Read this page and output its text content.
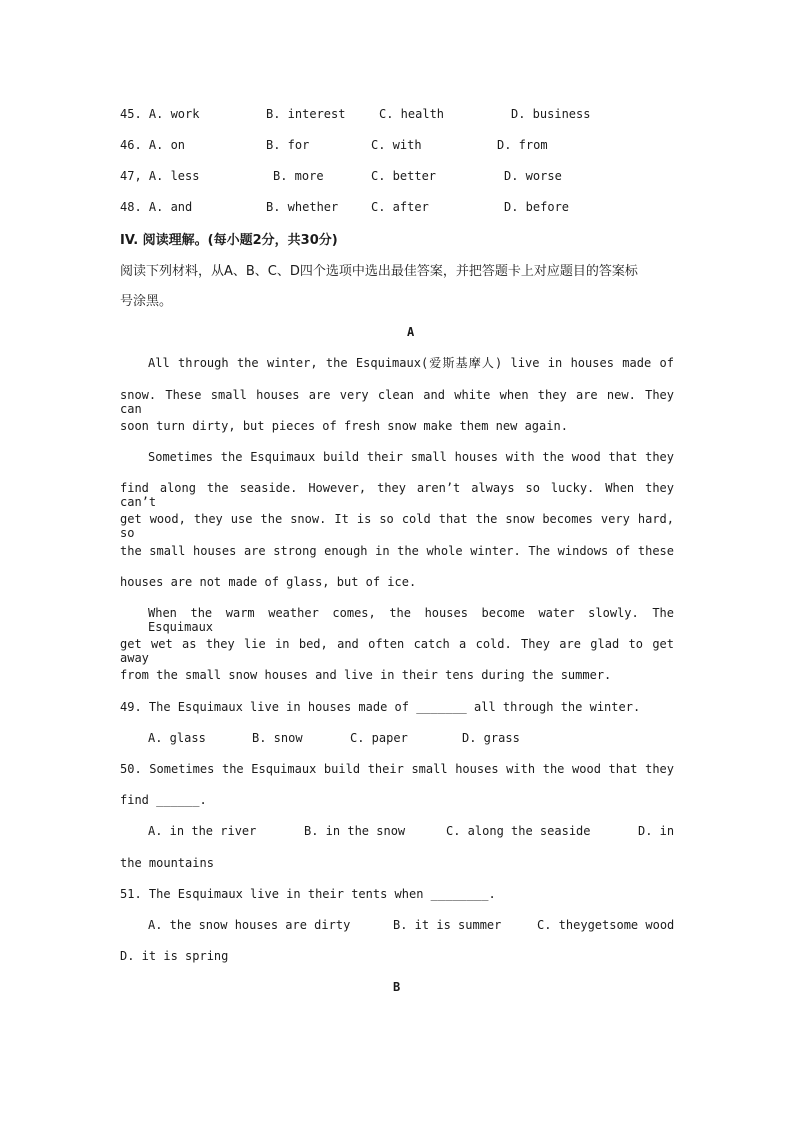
45. A. work	B. interest	C. health	D. business
46. A. on	B. for	C. with	D. from
47, A. less	B. more	C. better	D. worse
48. A. and	B. whether	C. after	D. before
IV. 阅读理解。(每小题2分，共30分)
阅读下列材料，从A、B、C、D四个选项中选出最佳答案，并把答题卡上对应题目的答案标
号涂黑。
A
All through the winter, the Esquimaux(爱斯基摩人) live in houses made of
snow. These small houses are very clean and white when they are new. They can
soon turn dirty, but pieces of fresh snow make them new again.
Sometimes the Esquimaux build their small houses with the wood that they
find along the seaside. However, they aren’t always so lucky. When they can’t
get wood, they use the snow. It is so cold that the snow becomes very hard, so
the small houses are strong enough in the whole winter. The windows of these
houses are not made of glass, but of ice.
When the warm weather comes, the houses become water slowly. The Esquimaux
get wet as they lie in bed, and often catch a cold. They are glad to get away
from the small snow houses and live in their tens during the summer.
49. The Esquimaux live in houses made of _______ all through the winter.
A. glass	B. snow	C. paper	D. grass
50. Sometimes the Esquimaux build their small houses with the wood that they
find ______.
A. in the river	B. in the snow	C. along the seaside	D. in
the mountains
51. The Esquimaux live in their tents when ________.
A. the snow houses are dirty	B. it is summer	C. theygetsome wood
D. it is spring
B
